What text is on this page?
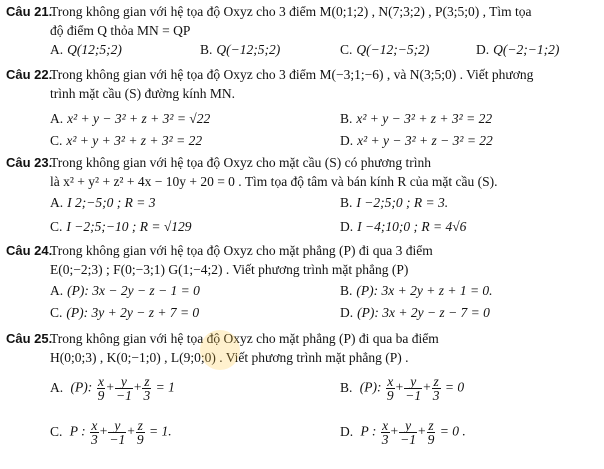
Câu 21.
Trong không gian với hệ tọa độ Oxyz cho 3 điểm M(0;1;2) , N(7;3;2) , P(3;5;0) , Tìm tọa
độ điểm Q thỏa MN = QP
A. Q(12;5;2)	B. Q(−12;5;2)	C. Q(−12;−5;2)	D. Q(−2;−1;2)
Câu 22.
Trong không gian với hệ tọa độ Oxyz cho 3 điểm M(−3;1;−6) , và N(3;5;0) . Viết phương
trình mặt cầu (S) đường kính MN.
A. x² + y − 3² + z + 3² = √22	B. x² + y − 3² + z + 3² = 22
C. x² + y + 3² + z + 3² = 22	D. x² + y − 3² + z − 3² = 22
Câu 23.
Trong không gian với hệ tọa độ Oxyz cho mặt cầu (S) có phương trình
là x² + y² + z² + 4x − 10y + 20 = 0 . Tìm tọa độ tâm và bán kính R của mặt cầu (S).
A. I 2;−5;0 ; R = 3	B. I −2;5;0 ; R = 3.
C. I −2;5;−10 ; R = √129	D. I −4;10;0 ; R = 4√6
Câu 24.
Trong không gian với hệ tọa độ Oxyz cho mặt phẳng (P) đi qua 3 điểm
E(0;−2;3) ; F(0;−3;1) G(1;−4;2) . Viết phương trình mặt phẳng (P)
A. (P): 3x − 2y − z − 1 = 0	B. (P): 3x + 2y + z + 1 = 0.
C. (P): 3y + 2y − z + 7 = 0	D. (P): 3x + 2y − z − 7 = 0
Câu 25.
Trong không gian với hệ tọa độ Oxyz cho mặt phẳng (P) đi qua ba điểm
H(0;0;3) , K(0;−1;0) , L(9;0;0) . Viết phương trình mặt phẳng (P) .
A. (P): $\frac{x}{9} + \frac{y}{-1} + \frac{z}{3} = 1$	B. (P): $\frac{x}{9} + \frac{y}{-1} + \frac{z}{3} = 0$
C. P : $\frac{x}{3} + \frac{y}{-1} + \frac{z}{9} = 1$.	D. P : $\frac{x}{3} + \frac{y}{-1} + \frac{z}{9} = 0$ .
